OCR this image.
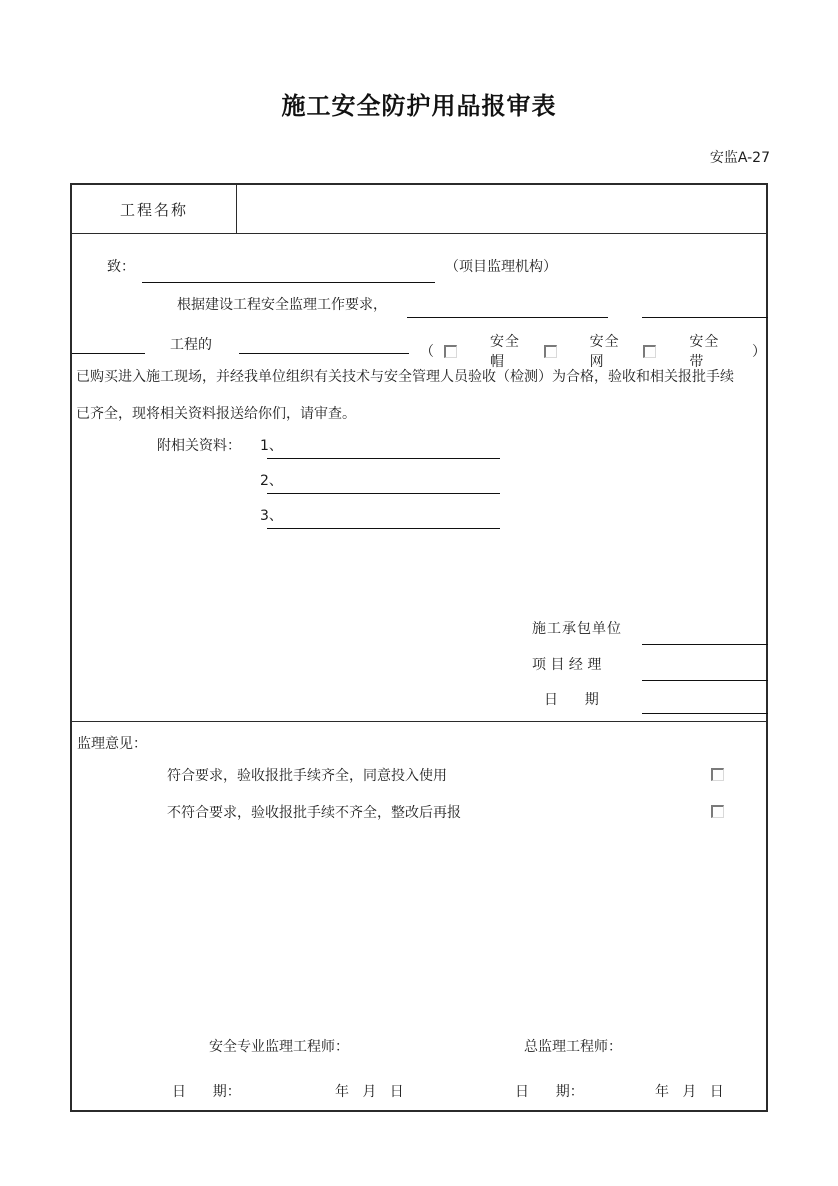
施工安全防护用品报审表
安监A-27
工程名称
致：	（项目监理机构）
根据建设工程安全监理工作要求，
工程的	（
安全帽
安全网
安全带
）
已购买进入施工现场，并经我单位组织有关技术与安全管理人员验收（检测）为合格，验收和相关报批手续
已齐全，现将相关资料报送给你们，请审查。
附相关资料： 1、
2、
3、
施工承包单位
项 目 经 理
日      期
监理意见：
符合要求，验收报批手续齐全，同意投入使用
不符合要求，验收报批手续不齐全，整改后再报
安全专业监理工程师：	总监理工程师：
日      期：	年   月   日	日      期：	年   月   日
